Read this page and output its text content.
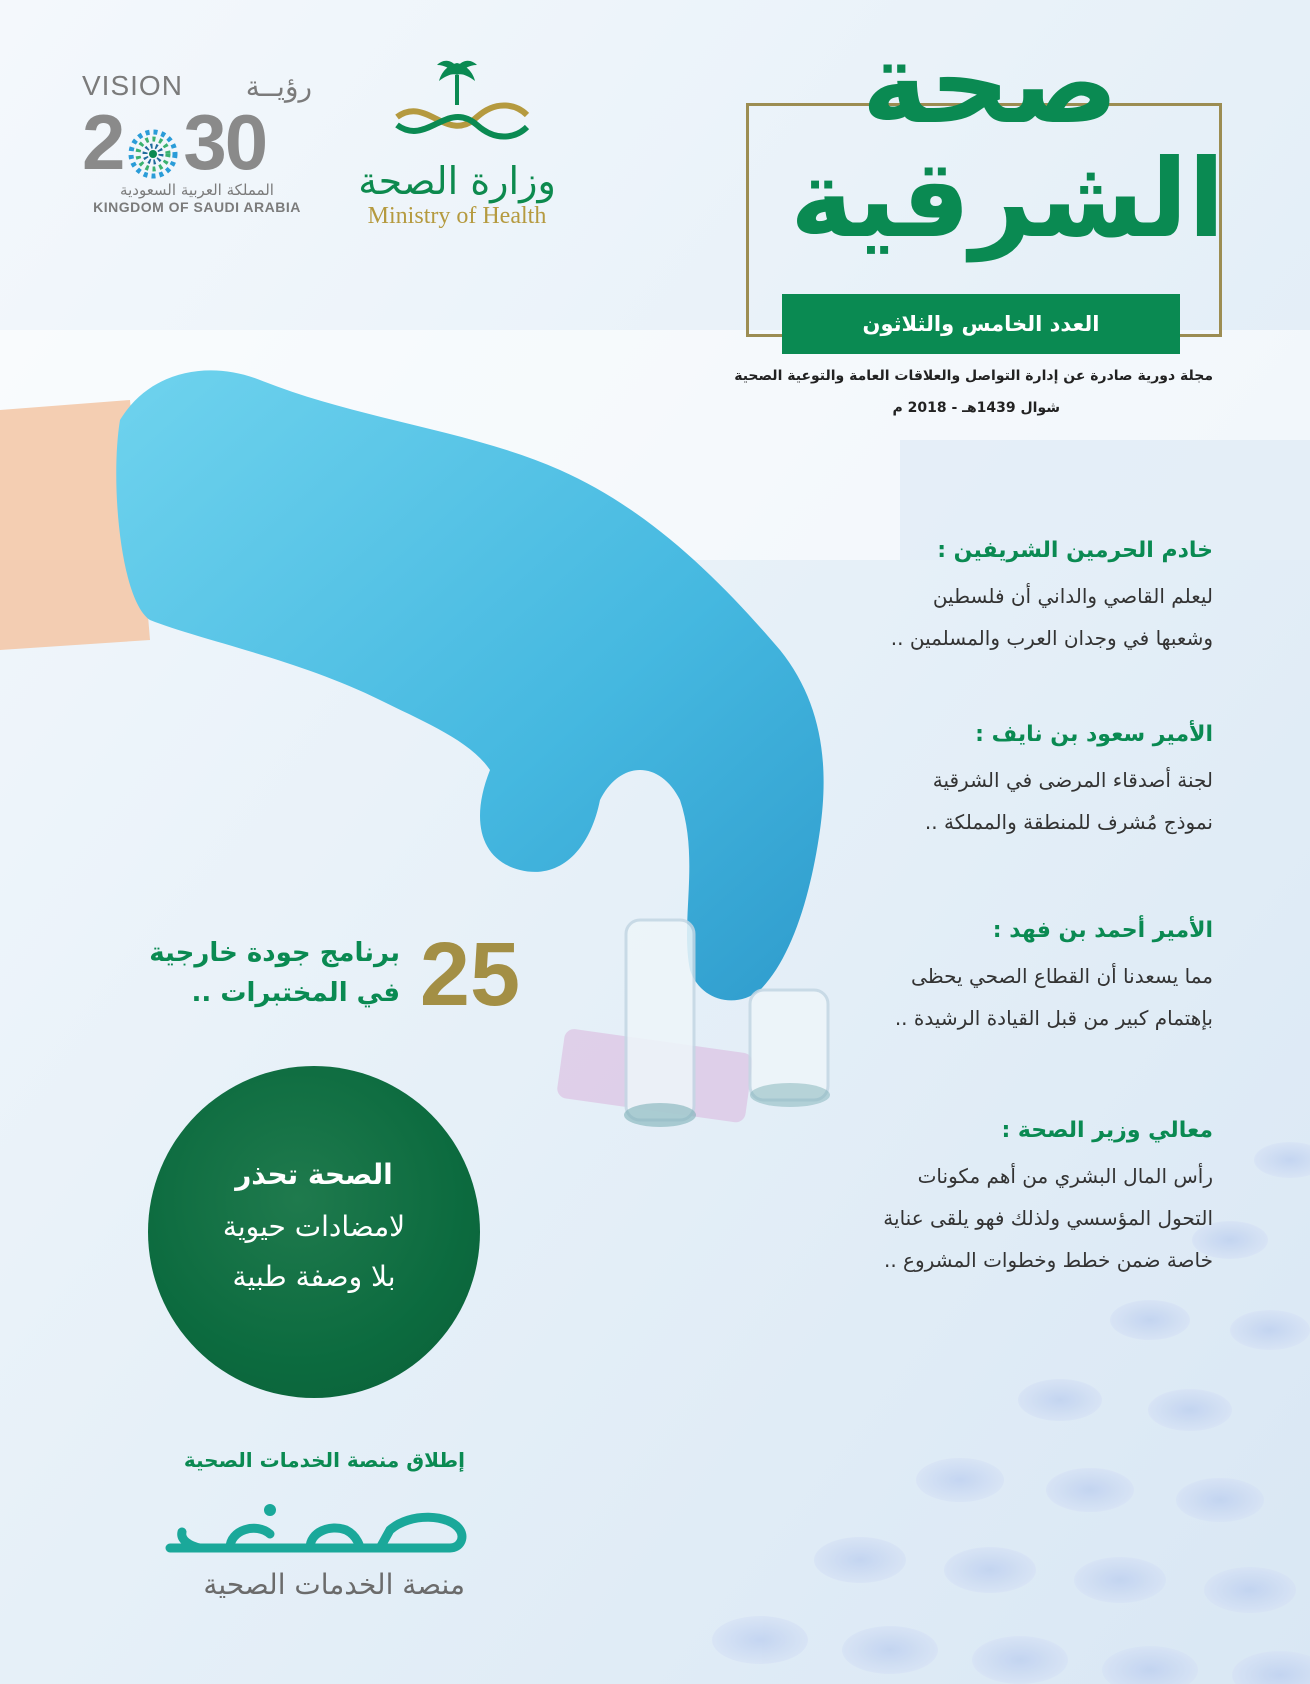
VISION رؤيــة
2 30
المملكة العربية السعودية
KINGDOM OF SAUDI ARABIA
وزارة الصحة
Ministry of Health
صحة
الشرقية
العدد الخامس والثلاثون
مجلة دورية صادرة عن إدارة التواصل والعلاقات العامة والتوعية الصحية
شوال 1439هـ - 2018 م
خادم الحرمين الشريفين :
ليعلم القاصي والداني أن فلسطين
وشعبها في وجدان العرب والمسلمين ..
الأمير سعود بن نايف :
لجنة أصدقاء المرضى في الشرقية
نموذج مُشرف للمنطقة والمملكة ..
الأمير أحمد بن فهد :
مما يسعدنا أن القطاع الصحي يحظى
بإهتمام كبير من قبل القيادة الرشيدة ..
معالي وزير الصحة :
رأس المال البشري من أهم مكونات
التحول المؤسسي ولذلك فهو يلقى عناية
خاصة ضمن خطط وخطوات المشروع ..
25
برنامج جودة خارجية
في المختبرات ..
الصحة تحذر
لامضادات حيوية
بلا وصفة طبية
إطلاق منصة الخدمات الصحية
منصة الخدمات الصحية
